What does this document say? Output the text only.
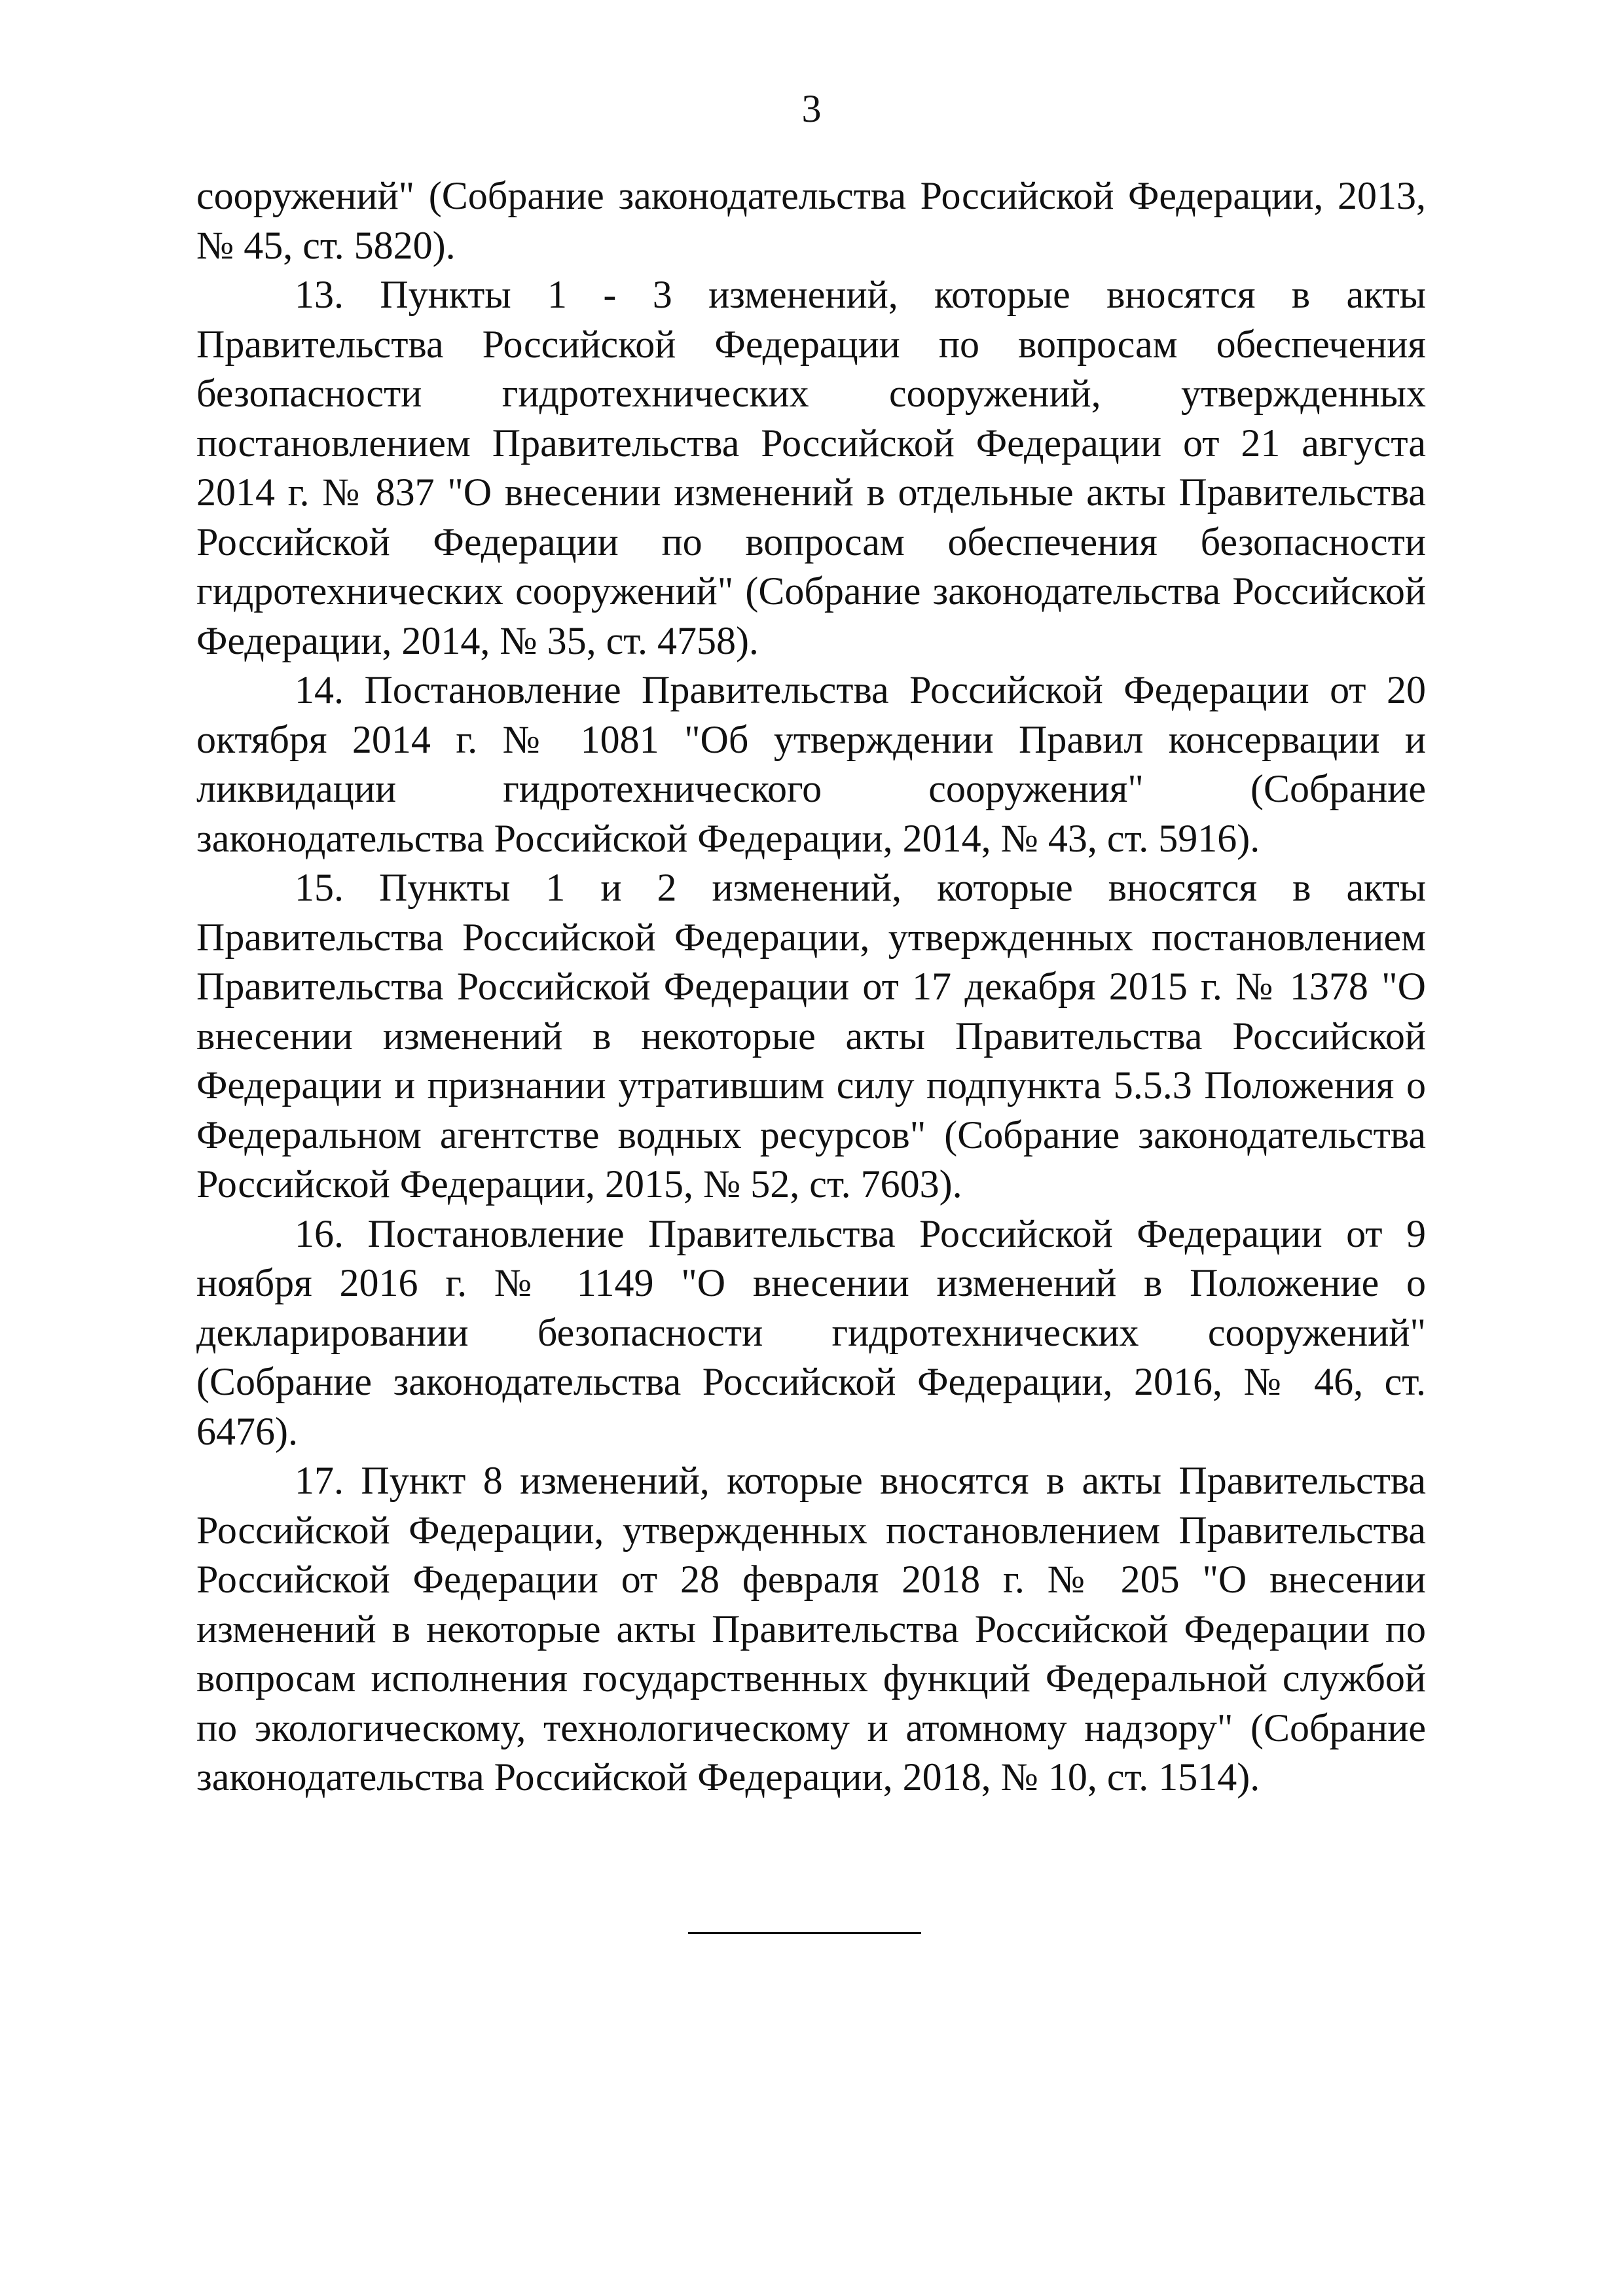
3

сооружений" (Собрание законодательства Российской Федерации, 2013, № 45, ст. 5820).

13. Пункты 1 - 3 изменений, которые вносятся в акты Правительства Российской Федерации по вопросам обеспечения безопасности гидротехнических сооружений, утвержденных постановлением Правительства Российской Федерации от 21 августа 2014 г. № 837 "О внесении изменений в отдельные акты Правительства Российской Федерации по вопросам обеспечения безопасности гидротехнических сооружений" (Собрание законодательства Российской Федерации, 2014, № 35, ст. 4758).

14. Постановление Правительства Российской Федерации от 20 октября 2014 г. № 1081 "Об утверждении Правил консервации и ликвидации гидротехнического сооружения" (Собрание законодательства Российской Федерации, 2014, № 43, ст. 5916).

15. Пункты 1 и 2 изменений, которые вносятся в акты Правительства Российской Федерации, утвержденных постановлением Правительства Российской Федерации от 17 декабря 2015 г. № 1378 "О внесении изменений в некоторые акты Правительства Российской Федерации и признании утратившим силу подпункта 5.5.3 Положения о Федеральном агентстве водных ресурсов" (Собрание законодательства Российской Федерации, 2015, № 52, ст. 7603).

16. Постановление Правительства Российской Федерации от 9 ноября 2016 г. № 1149 "О внесении изменений в Положение о декларировании безопасности гидротехнических сооружений" (Собрание законодательства Российской Федерации, 2016, № 46, ст. 6476).

17. Пункт 8 изменений, которые вносятся в акты Правительства Российской Федерации, утвержденных постановлением Правительства Российской Федерации от 28 февраля 2018 г. № 205 "О внесении изменений в некоторые акты Правительства Российской Федерации по вопросам исполнения государственных функций Федеральной службой по экологическому, технологическому и атомному надзору" (Собрание законодательства Российской Федерации, 2018, № 10, ст. 1514).
